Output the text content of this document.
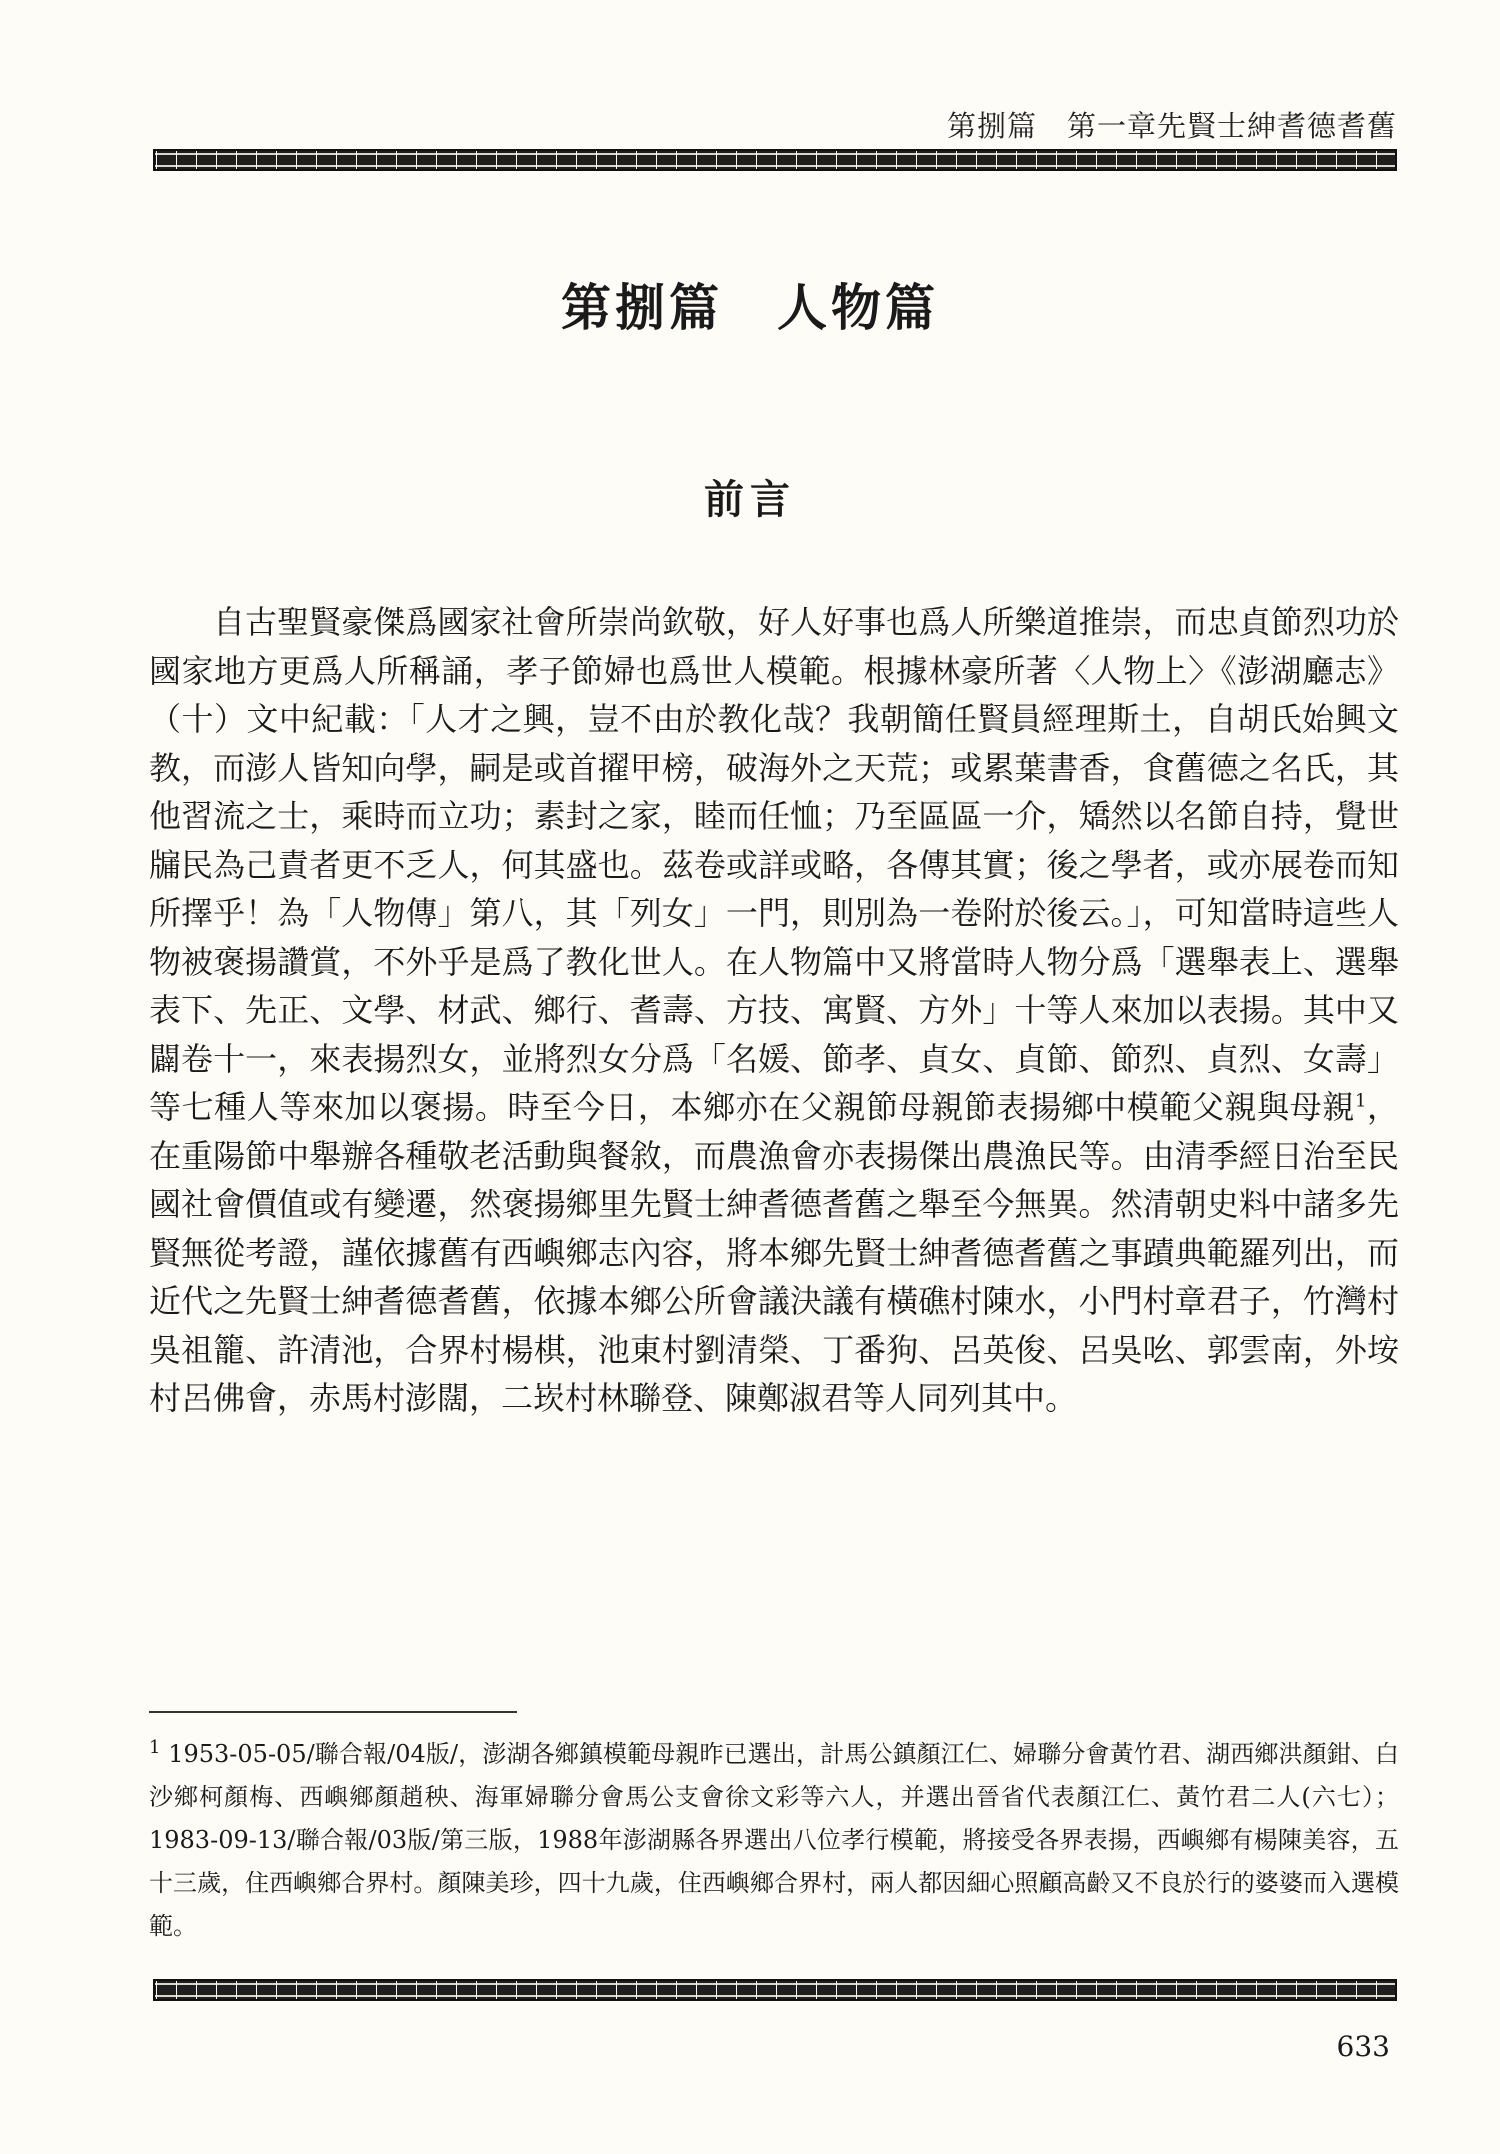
第捌篇　第一章先賢士紳耆德耆舊
第捌篇　人物篇
前言

自古聖賢豪傑爲國家社會所崇尚欽敬，好人好事也爲人所樂道推崇，而忠貞節烈功於國家地方更爲人所稱誦，孝子節婦也爲世人模範。根據林豪所著〈人物上〉《澎湖廳志》（十）文中紀載：「人才之興，豈不由於教化哉？我朝簡任賢員經理斯土，自胡氏始興文教，而澎人皆知向學，嗣是或首擢甲榜，破海外之天荒；或累葉書香，食舊德之名氏，其他習流之士，乘時而立功；素封之家，睦而任恤；乃至區區一介，矯然以名節自持，覺世牖民為己責者更不乏人，何其盛也。茲卷或詳或略，各傳其實；後之學者，或亦展卷而知所擇乎！為「人物傳」第八，其「列女」一門，則別為一卷附於後云。」，可知當時這些人物被褒揚讚賞，不外乎是爲了教化世人。在人物篇中又將當時人物分爲「選舉表上、選舉表下、先正、文學、材武、鄉行、耆壽、方技、寓賢、方外」十等人來加以表揚。其中又闢卷十一，來表揚烈女，並將烈女分爲「名媛、節孝、貞女、貞節、節烈、貞烈、女壽」等七種人等來加以褒揚。時至今日，本鄉亦在父親節母親節表揚鄉中模範父親與母親$^1$，在重陽節中舉辦各種敬老活動與餐敘，而農漁會亦表揚傑出農漁民等。由清季經日治至民國社會價值或有變遷，然褒揚鄉里先賢士紳耆德耆舊之舉至今無異。然清朝史料中諸多先賢無從考證，謹依據舊有西嶼鄉志內容，將本鄉先賢士紳耆德耆舊之事蹟典範羅列出，而近代之先賢士紳耆德耆舊，依據本鄉公所會議決議有橫礁村陳水，小門村章君子，竹灣村吳祖籠、許清池，合界村楊棋，池東村劉清榮、丁番狗、呂英俊、呂吳吆、郭雲南，外垵村呂佛會，赤馬村澎闊，二崁村林聯登、陳鄭淑君等人同列其中。

$^1$ 1953-05-05/聯合報/04版/，澎湖各鄉鎮模範母親昨已選出，計馬公鎮顏江仁、婦聯分會黃竹君、湖西鄉洪顏鉗、白沙鄉柯顏梅、西嶼鄉顏趙秧、海軍婦聯分會馬公支會徐文彩等六人，并選出晉省代表顏江仁、黃竹君二人(六七）；1983-09-13/聯合報/03版/第三版，1988年澎湖縣各界選出八位孝行模範，將接受各界表揚，西嶼鄉有楊陳美容，五十三歲，住西嶼鄉合界村。顏陳美珍，四十九歲，住西嶼鄉合界村，兩人都因細心照顧高齡又不良於行的婆婆而入選模範。
633
